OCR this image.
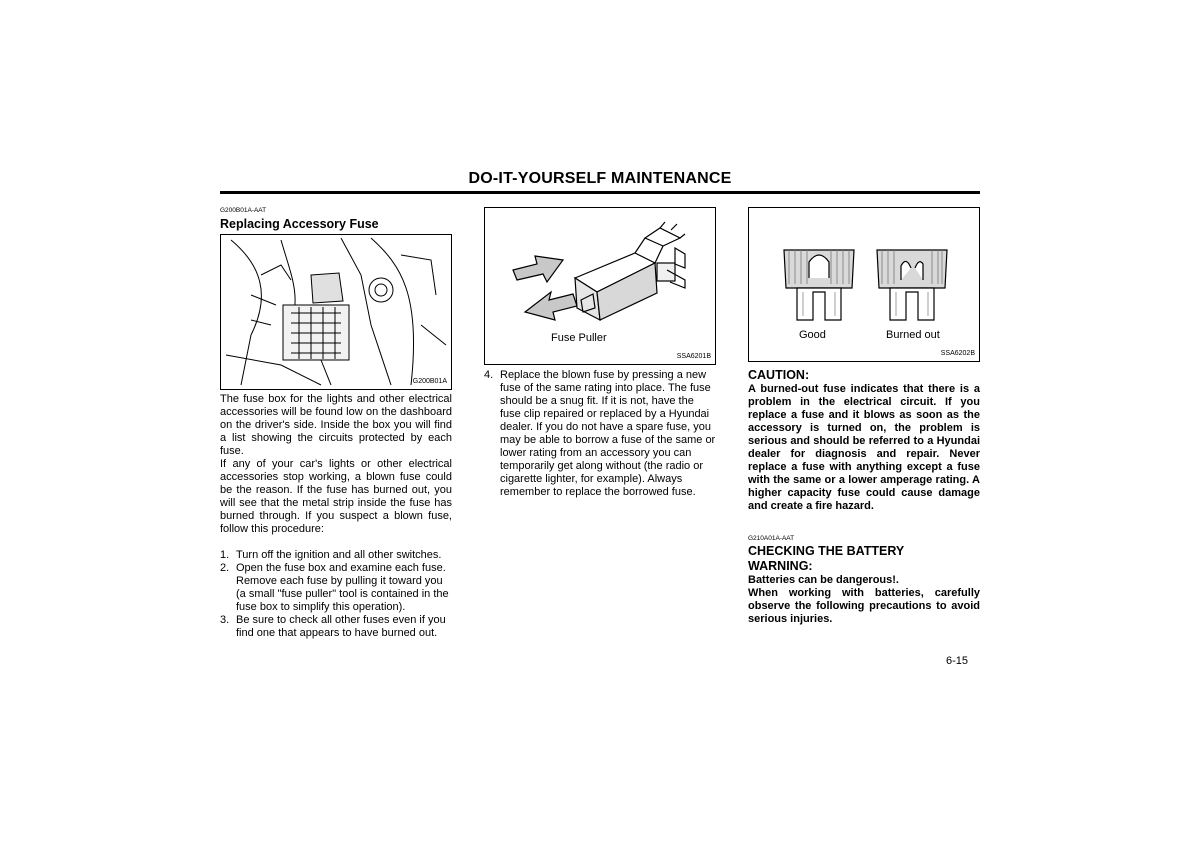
DO-IT-YOURSELF MAINTENANCE
G200B01A-AAT
Replacing Accessory Fuse
G200B01A

The fuse box for the lights and other electrical accessories will be found low on the dashboard on the driver's side. Inside the box you will find a list showing the circuits protected by each fuse.

If any of your car's lights or other electrical accessories stop working, a blown fuse could be the reason. If the fuse has burned out, you will see that the metal strip inside the fuse has burned through. If you suspect a blown fuse, follow this procedure:

1. Turn off the ignition and all other switches.
2. Open the fuse box and examine each fuse. Remove each fuse by pulling it toward you (a small "fuse puller" tool is contained in the fuse box to simplify this operation).
3. Be sure to check all other fuses even if you find one that appears to have burned out.
Fuse Puller
SSA6201B
4. Replace the blown fuse by pressing a new fuse of the same rating into place. The fuse should be a snug fit. If it is not, have the fuse clip repaired or replaced by a Hyundai dealer. If you do not have a spare fuse, you may be able to borrow a fuse of the same or lower rating from an accessory you can temporarily get along without (the radio or cigarette lighter, for example). Always remember to replace the borrowed fuse.
Good	Burned out
SSA6202B
CAUTION:

A burned-out fuse indicates that there is a problem in the electrical circuit. If you replace a fuse and it blows as soon as the accessory is turned on, the problem is serious and should be referred to a Hyundai dealer for diagnosis and repair. Never replace a fuse with anything except a fuse with the same or a lower amperage rating. A higher capacity fuse could cause damage and create a fire hazard.

G210A01A-AAT
CHECKING THE BATTERY
WARNING:

Batteries can be dangerous!.

When working with batteries, carefully observe the following precautions to avoid serious injuries.

6-15
